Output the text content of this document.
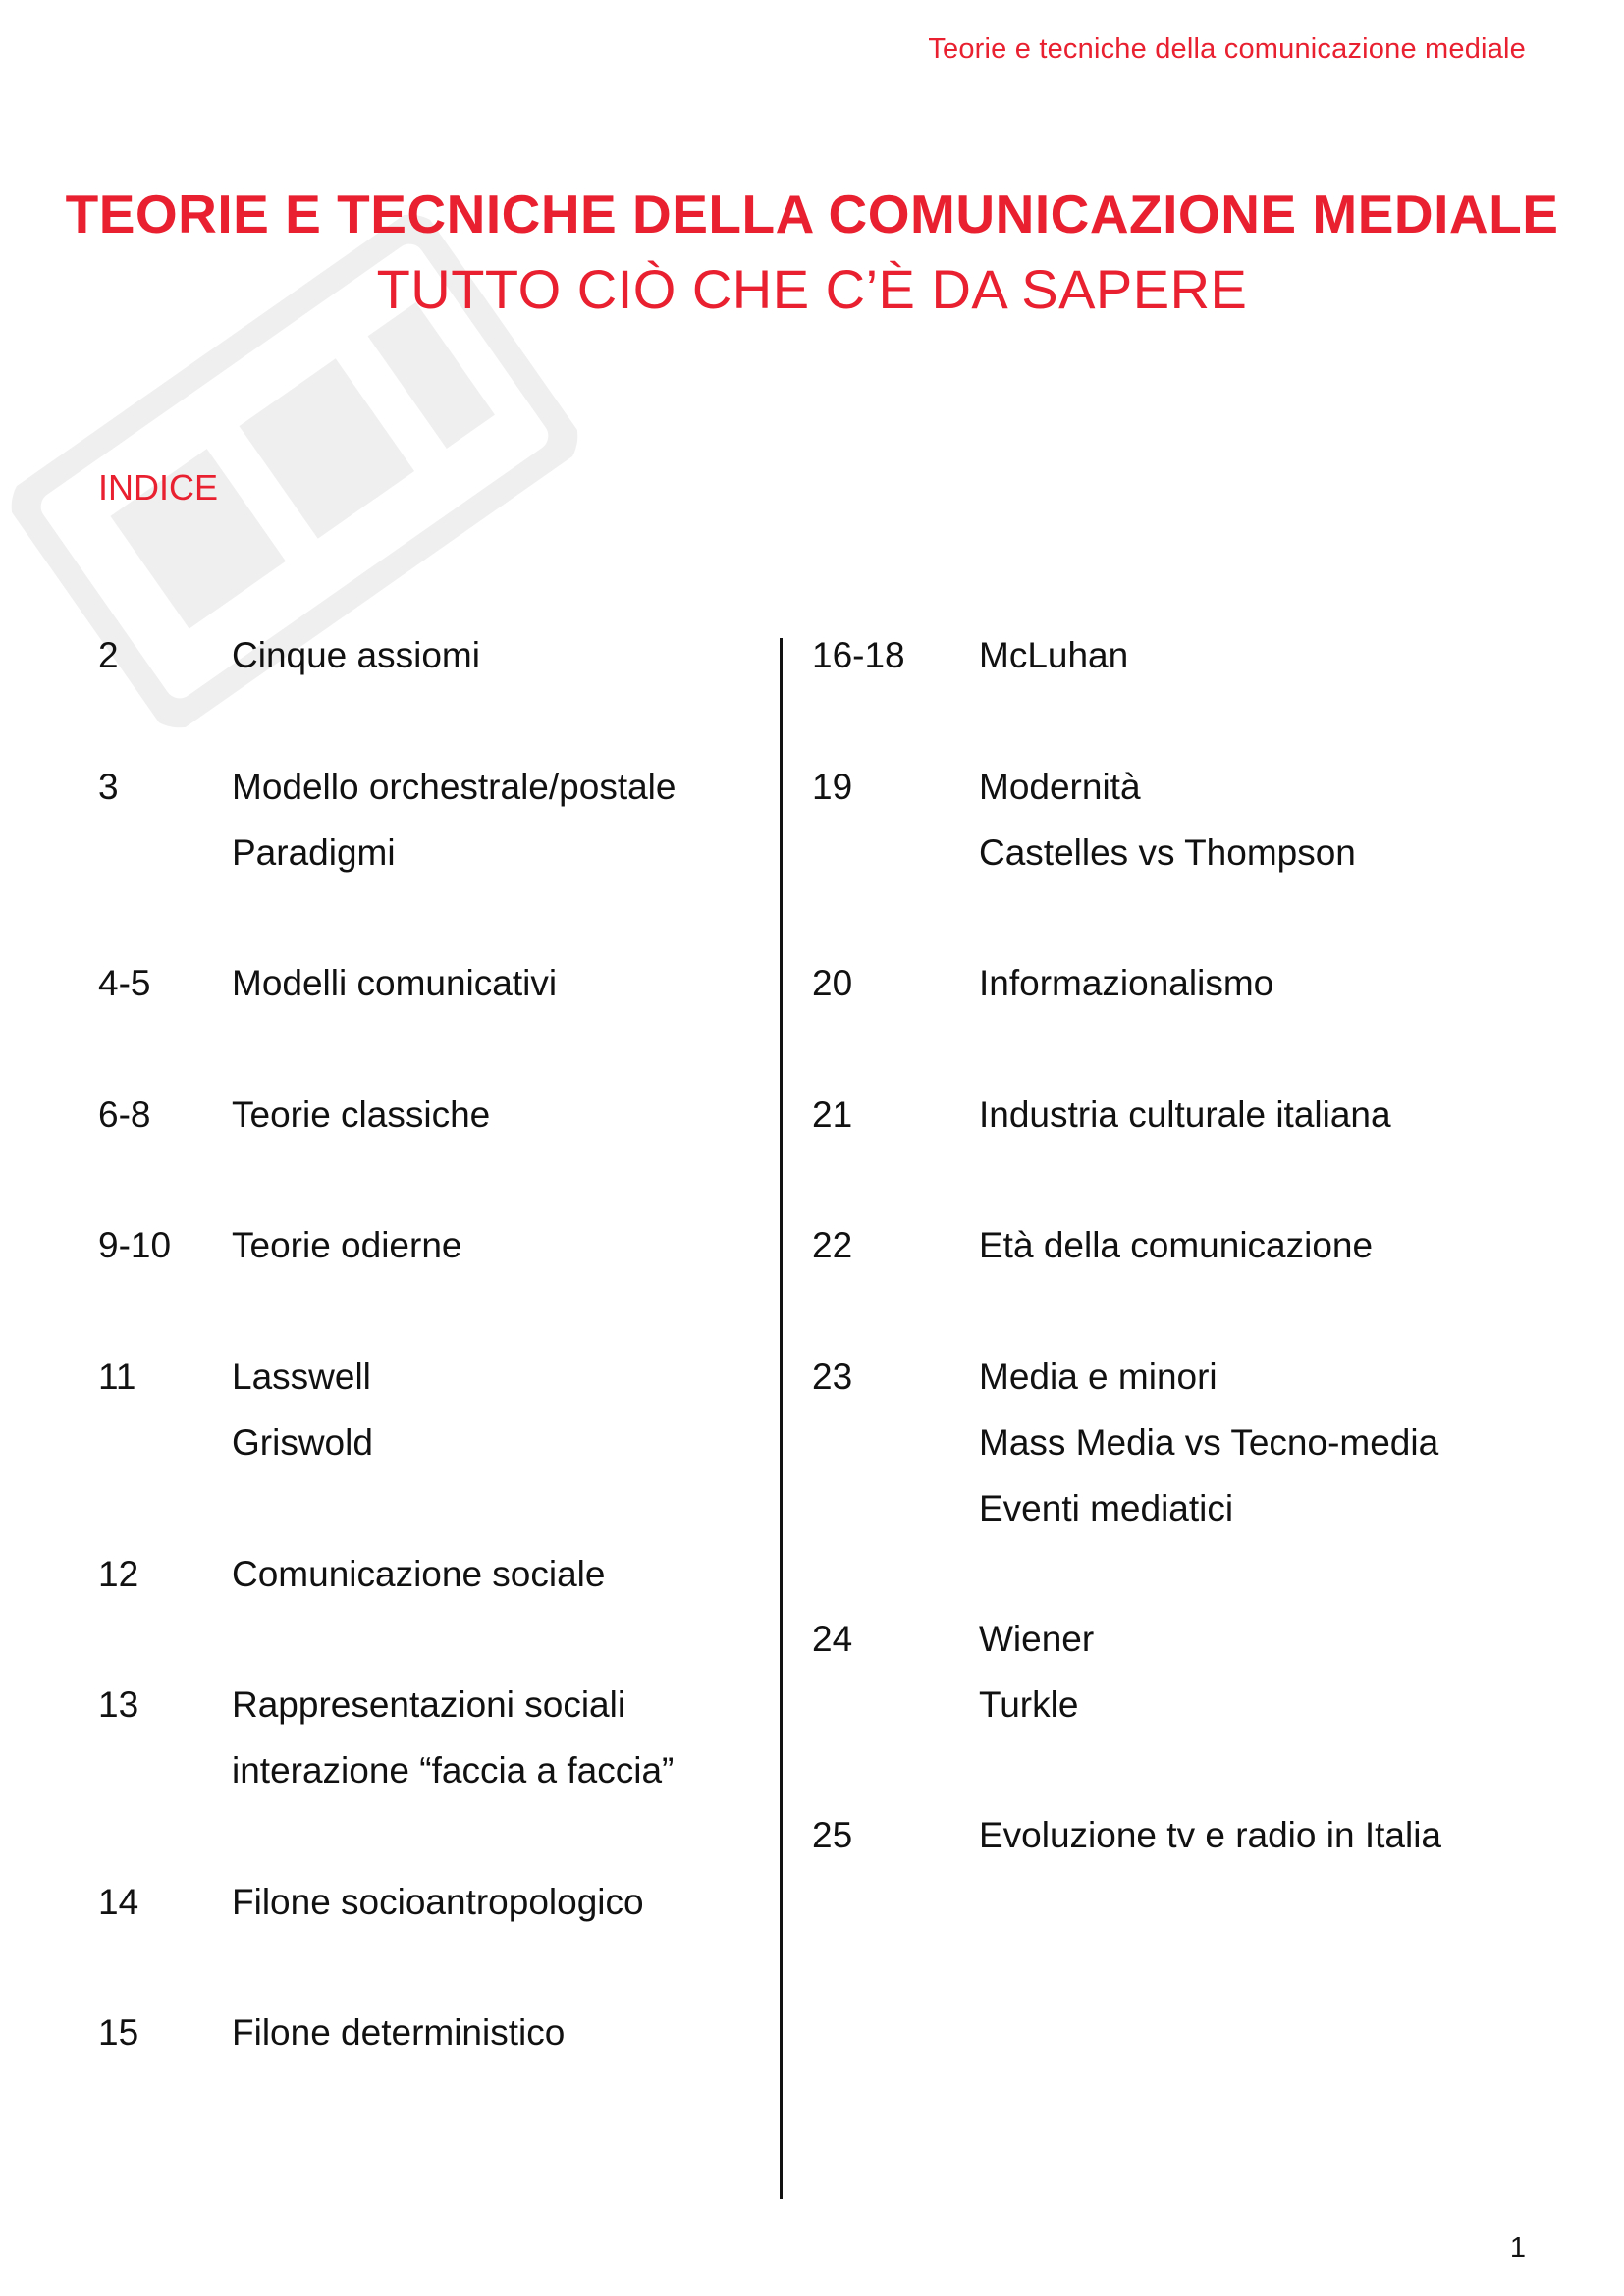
Teorie e tecniche della comunicazione mediale
TEORIE E TECNICHE DELLA COMUNICAZIONE MEDIALE
TUTTO CIÒ CHE C’È DA SAPERE
INDICE
2	Cinque assiomi
3	Modello orchestrale/postale
Paradigmi
4-5 Modelli comunicativi
6-8 Teorie classiche
9-10 Teorie odierne
11	Lasswell
Griswold
12	Comunicazione sociale
13	Rappresentazioni sociali
interazione “faccia a faccia”
14	Filone socioantropologico
15	Filone deterministico
16-18 McLuhan
19	Modernità
Castelles vs Thompson
20	Informazionalismo
21	Industria culturale italiana
22	Età della comunicazione
23	Media e minori
Mass Media vs Tecno-media
Eventi mediatici
24	Wiener
Turkle
25	Evoluzione tv e radio in Italia
1
